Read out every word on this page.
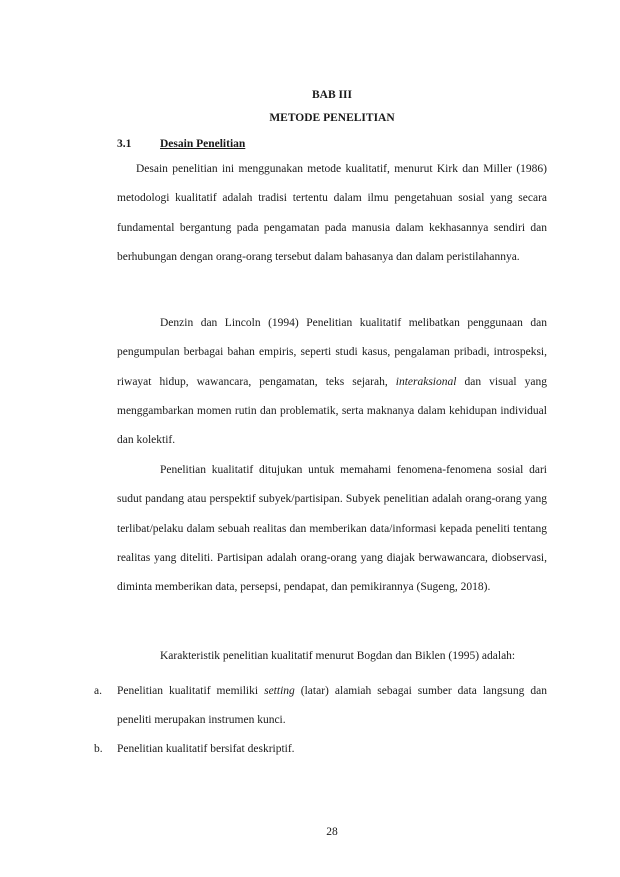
BAB III

METODE PENELITIAN

3.1 Desain Penelitian

Desain penelitian ini menggunakan metode kualitatif, menurut Kirk dan Miller (1986) metodologi kualitatif adalah tradisi tertentu dalam ilmu pengetahuan sosial yang secara fundamental bergantung pada pengamatan pada manusia dalam kekhasannya sendiri dan berhubungan dengan orang-orang tersebut dalam bahasanya dan dalam peristilahannya.

Denzin dan Lincoln (1994) Penelitian kualitatif melibatkan penggunaan dan pengumpulan berbagai bahan empiris, seperti studi kasus, pengalaman pribadi, introspeksi, riwayat hidup, wawancara, pengamatan, teks sejarah, interaksional dan visual yang menggambarkan momen rutin dan problematik, serta maknanya dalam kehidupan individual dan kolektif.

Penelitian kualitatif ditujukan untuk memahami fenomena-fenomena sosial dari sudut pandang atau perspektif subyek/partisipan. Subyek penelitian adalah orang-orang yang terlibat/pelaku dalam sebuah realitas dan memberikan data/informasi kepada peneliti tentang realitas yang diteliti. Partisipan adalah orang-orang yang diajak berwawancara, diobservasi, diminta memberikan data, persepsi, pendapat, dan pemikirannya (Sugeng, 2018).

Karakteristik penelitian kualitatif menurut Bogdan dan Biklen (1995) adalah:

a. Penelitian kualitatif memiliki setting (latar) alamiah sebagai sumber data langsung dan peneliti merupakan instrumen kunci.
b. Penelitian kualitatif bersifat deskriptif.

28
